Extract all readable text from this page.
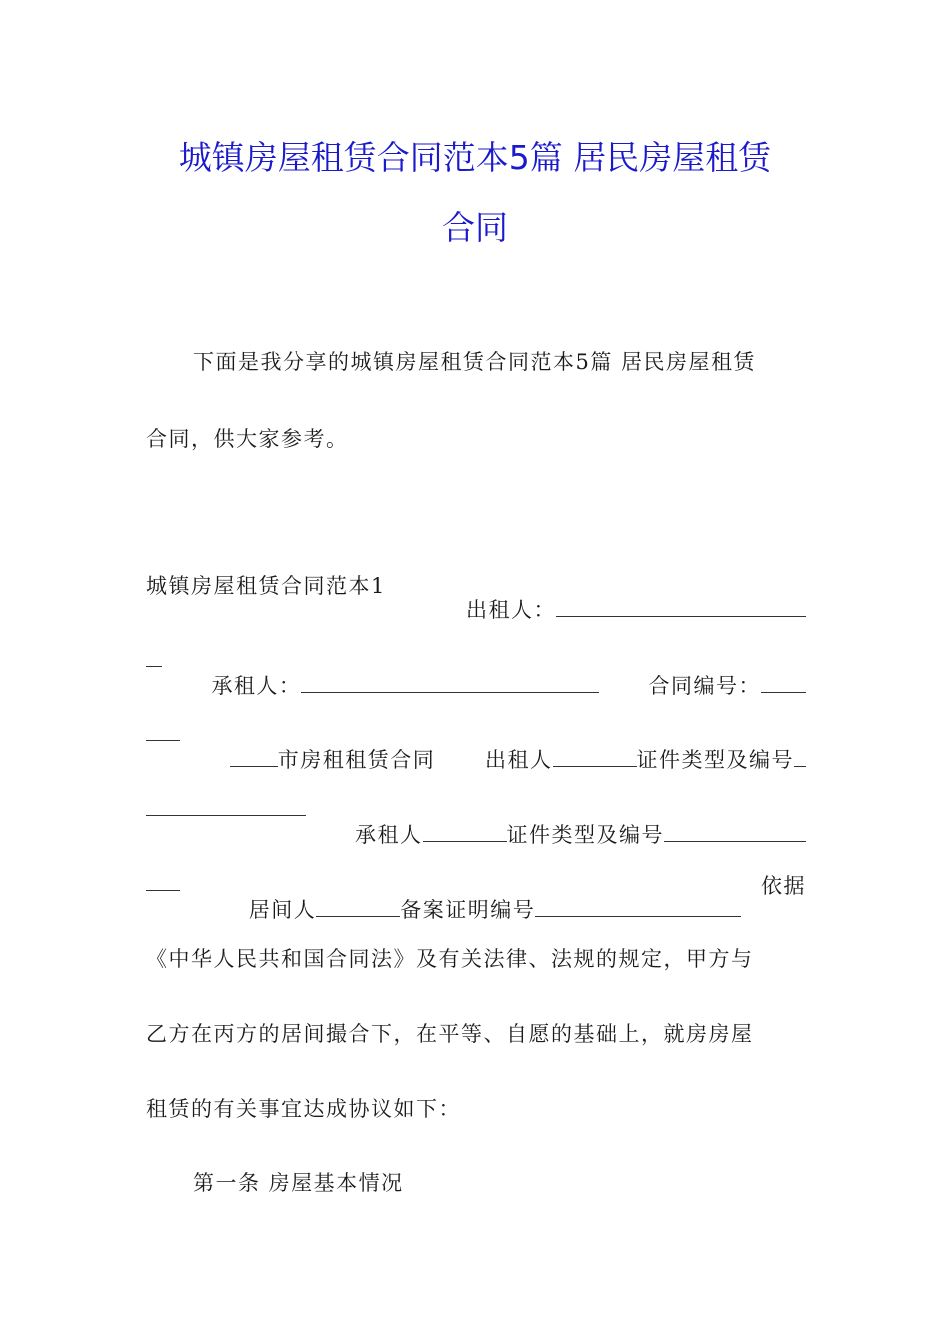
城镇房屋租赁合同范本5篇 居民房屋租赁
合同

下面是我分享的城镇房屋租赁合同范本5篇 居民房屋租赁

合同，供大家参考。

城镇房屋租赁合同范本1

出租人：

承租人：
	合同编号：

市房租租赁合同
	出租人	证件类型及编号

承租人	证件类型及编号

居间人	备案证明编号

依据

《中华人民共和国合同法》及有关法律、法规的规定，甲方与

乙方在丙方的居间撮合下，在平等、自愿的基础上，就房房屋

租赁的有关事宜达成协议如下：

第一条 房屋基本情况
